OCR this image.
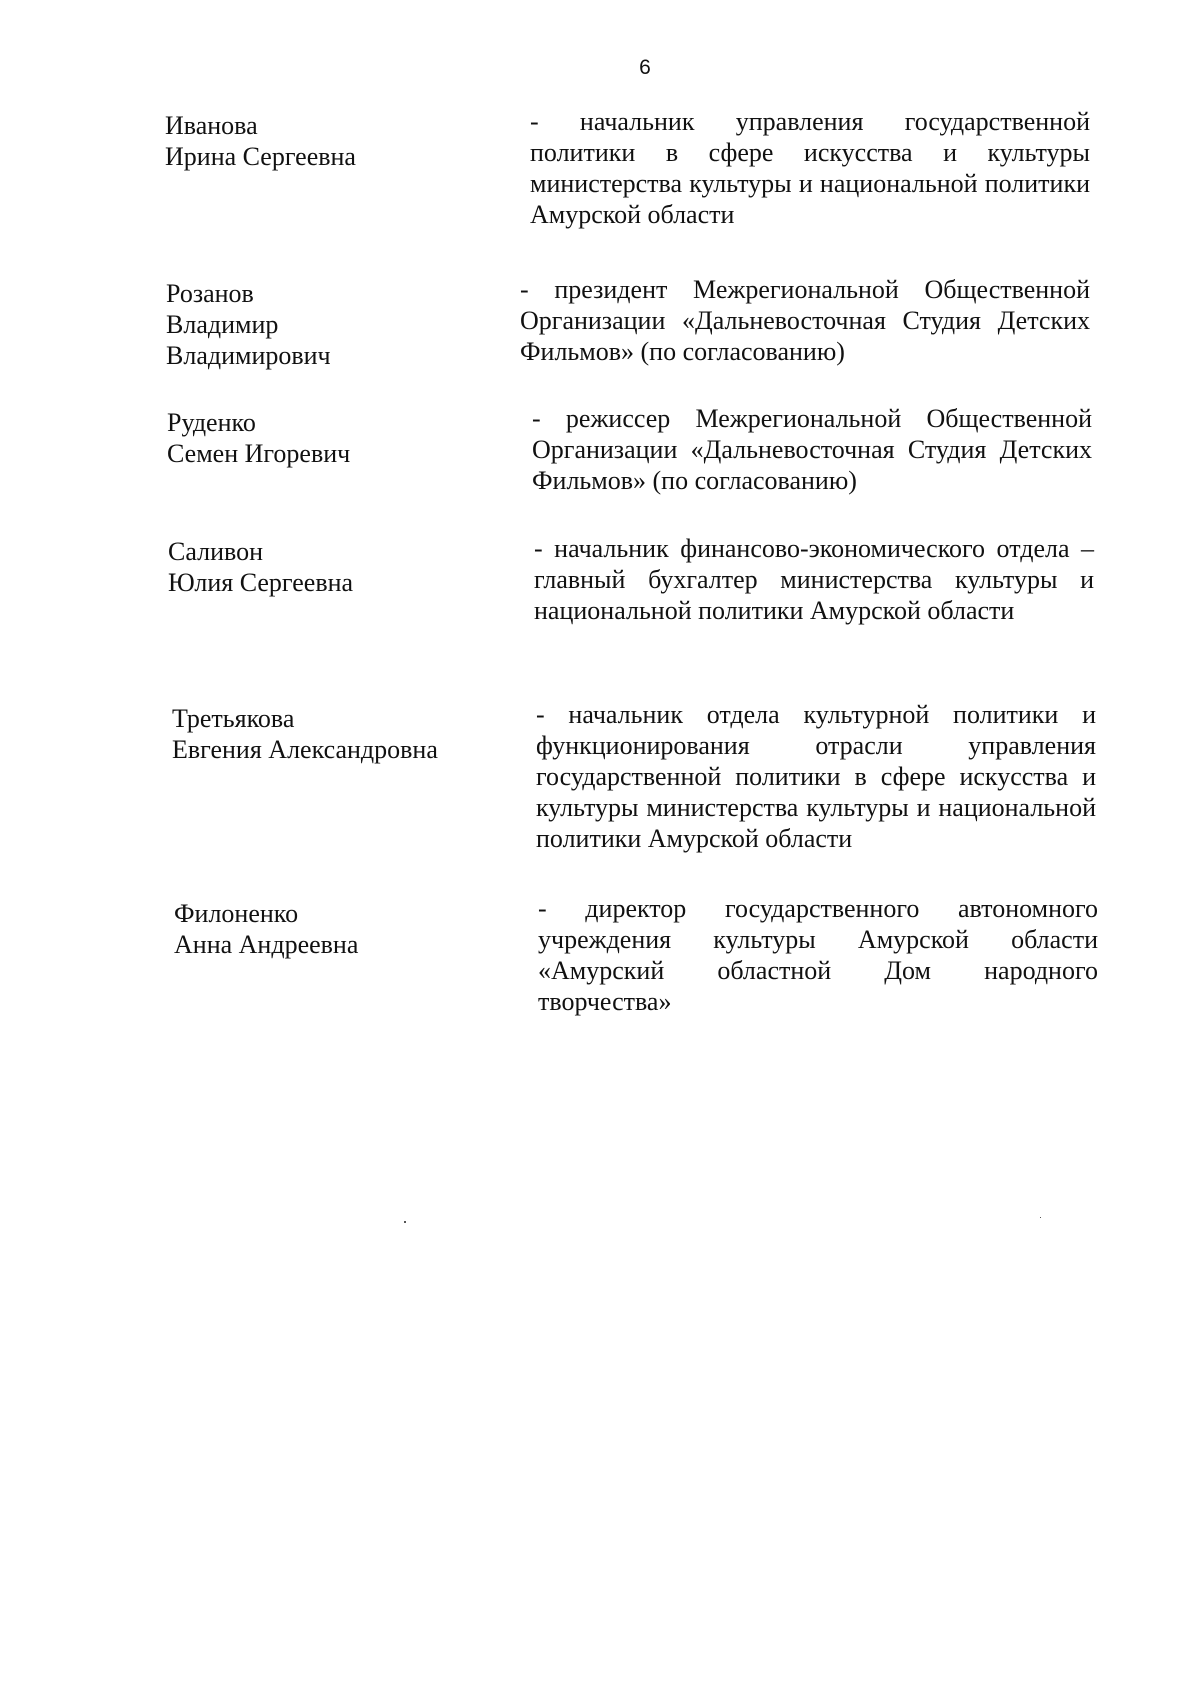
6
Иванова
Ирина Сергеевна
- начальник управления государственной политики в сфере искусства и культуры министерства культуры и национальной политики Амурской области
Розанов
Владимир
Владимирович
- президент Межрегиональной Общественной Организации «Дальневосточная Студия Детских Фильмов» (по согласованию)
Руденко
Семен Игоревич
- режиссер Межрегиональной Общественной Организации «Дальневосточная Студия Детских Фильмов» (по согласованию)
Саливон
Юлия Сергеевна
- начальник финансово-экономического отдела – главный бухгалтер министерства культуры и национальной политики Амурской области
Третьякова
Евгения Александровна
- начальник отдела культурной политики и функционирования отрасли управления государственной политики в сфере искусства и культуры министерства культуры и национальной политики Амурской области
Филоненко
Анна Андреевна
- директор государственного автономного учреждения культуры Амурской области «Амурский областной Дом народного творчества»
